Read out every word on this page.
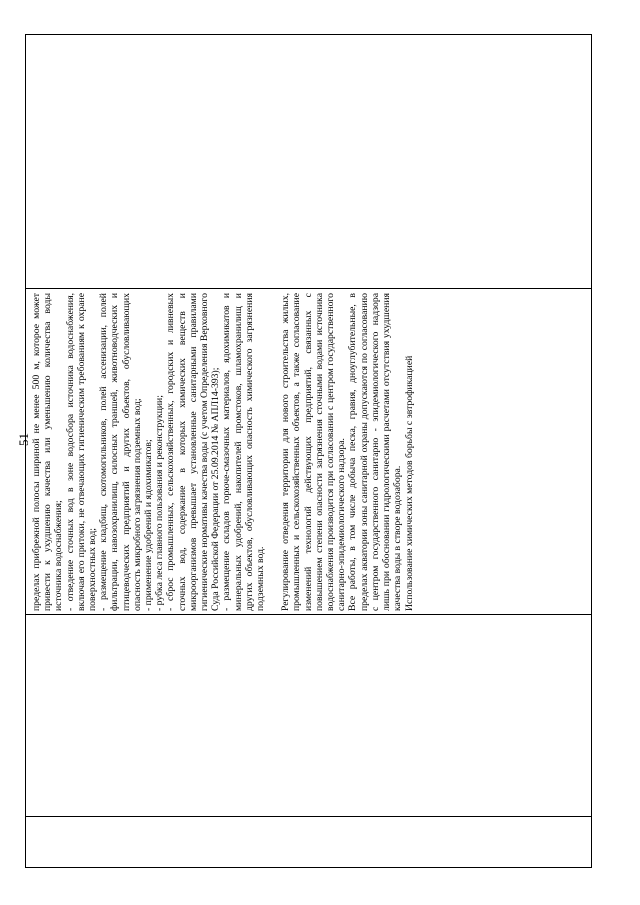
51 пределах прибрежной полосы шириной не менее 500 м, которое может привести к ухудшению качества или уменьшению количества воды источника водоснабжения; - отведение сточных вод в зоне водосбора источника водоснабжения, включая его притоки, не отвечающих гигиеническим требованиям к охране поверхностных вод; - размещение кладбищ, скотомогильников, полей ассенизации, полей фильтрации, навозохранилищ, силосных траншей, животноводческих и птицеводческих предприятий и других объектов, обусловливающих опасность микробного загрязнения подземных вод; - применение удобрений и ядохимикатов; - рубка леса главного пользования и реконструкции; - сброс промышленных, сельскохозяйственных, городских и ливневых сточных вод, содержание в которых химических веществ и микроорганизмов превышает установленные санитарными правилами гигиенические нормативы качества воды (с учетом Определения Верховного Суда Российской Федерации от 25.09.2014 № АПЛ14-393); - размещение складов горюче-смазочных материалов, ядохимикатов и минеральных удобрений, накопителей промстоков, шламохранилищ и других объектов, обусловливающих опасность химического загрязнения подземных вод. Регулирование отведения территории для нового строительства жилых, промышленных и сельскохозяйственных объектов, а также согласование изменений технологий действующих предприятий, связанных с повышением степени опасности загрязнения сточными водами источника водоснабжения производится при согласовании с центром государственного санитарно-эпидемиологического надзора. Все работы, в том числе добыча песка, гравия, дноуглубительные, в пределах акватории зоны санитарной охраны допускаются по согласованию с центром государственного санитарно - эпидемиологического надзора лишь при обосновании гидрологическими расчетами отсутствия ухудшения качества воды в створе водозабора. Использование химических методов борьбы с эвтрофикацией
